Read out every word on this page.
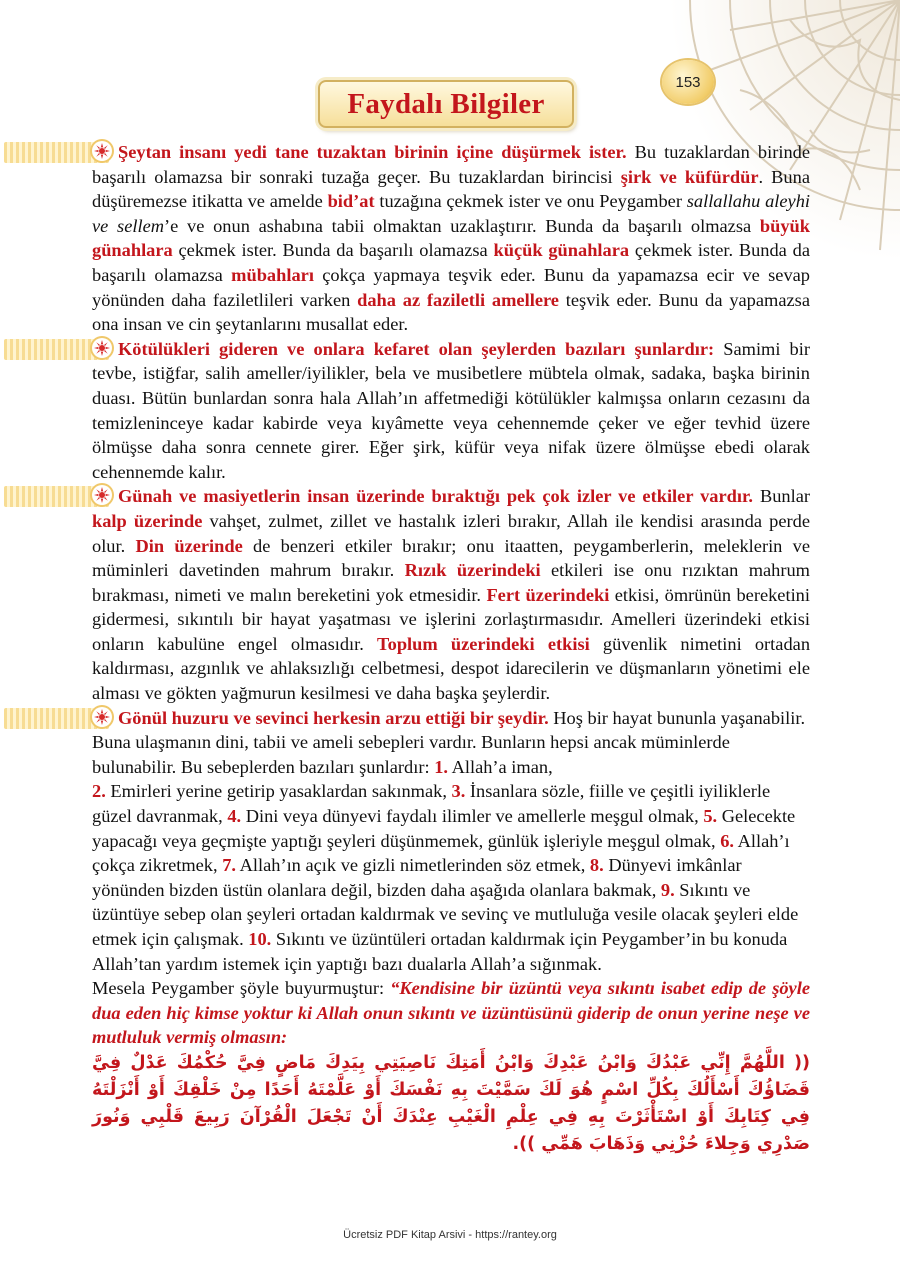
153
Faydalı Bilgiler

Şeytan insanı yedi tane tuzaktan birinin içine düşürmek ister. Bu tuzaklardan birinde başarılı olamazsa bir sonraki tuzağa geçer. Bu tuzaklardan birincisi şirk ve küfürdür. Buna düşüremezse itikatta ve amelde bid’at tuzağına çekmek ister ve onu Peygamber sallallahu aleyhi ve sellem’e ve onun ashabına tabii olmaktan uzaklaştırır. Bunda da başarılı olmazsa büyük günahlara çekmek ister. Bunda da başarılı olamazsa küçük günahlara çekmek ister. Bunda da başarılı olamazsa mübahları çokça yapmaya teşvik eder. Bunu da yapamazsa ecir ve sevap yönünden daha faziletlileri varken daha az faziletli amellere teşvik eder. Bunu da yapamazsa ona insan ve cin şeytanlarını musallat eder.

Kötülükleri gideren ve onlara kefaret olan şeylerden bazıları şunlardır: Samimi bir tevbe, istiğfar, salih ameller/iyilikler, bela ve musibetlere mübtela olmak, sadaka, başka birinin duası. Bütün bunlardan sonra hala Allah’ın affetmediği kötülükler kalmışsa onların cezasını da temizleninceye kadar kabirde veya kıyâmette veya cehennemde çeker ve eğer tevhid üzere ölmüşse daha sonra cennete girer. Eğer şirk, küfür veya nifak üzere ölmüşse ebedi olarak cehennemde kalır.

Günah ve masiyetlerin insan üzerinde bıraktığı pek çok izler ve etkiler vardır. Bunlar kalp üzerinde vahşet, zulmet, zillet ve hastalık izleri bırakır, Allah ile kendisi arasında perde olur. Din üzerinde de benzeri etkiler bırakır; onu itaatten, peygamberlerin, meleklerin ve müminleri davetinden mahrum bırakır. Rızık üzerindeki etkileri ise onu rızıktan mahrum bırakması, nimeti ve malın bereketini yok etmesidir. Fert üzerindeki etkisi, ömrünün bereketini gidermesi, sıkıntılı bir hayat yaşatması ve işlerini zorlaştırmasıdır. Amelleri üzerindeki etkisi onların kabulüne engel olmasıdır. Toplum üzerindeki etkisi güvenlik nimetini ortadan kaldırması, azgınlık ve ahlaksızlığı celbetmesi, despot idarecilerin ve düşmanların yönetimi ele alması ve gökten yağmurun kesilmesi ve daha başka şeylerdir.

Gönül huzuru ve sevinci herkesin arzu ettiği bir şeydir. Hoş bir hayat bununla yaşanabilir. Buna ulaşmanın dini, tabii ve ameli sebepleri vardır. Bunların hepsi ancak müminlerde bulunabilir. Bu sebeplerden bazıları şunlardır: 1. Allah’a iman,
2. Emirleri yerine getirip yasaklardan sakınmak, 3. İnsanlara sözle, fiille ve çeşitli iyiliklerle güzel davranmak, 4. Dini veya dünyevi faydalı ilimler ve amellerle meşgul olmak, 5. Gelecekte yapacağı veya geçmişte yaptığı şeyleri düşünmemek, günlük işleriyle meşgul olmak, 6. Allah’ı çokça zikretmek, 7. Allah’ın açık ve gizli nimetlerinden söz etmek, 8. Dünyevi imkânlar yönünden bizden üstün olanlara değil, bizden daha aşağıda olanlara bakmak, 9. Sıkıntı ve üzüntüye sebep olan şeyleri ortadan kaldırmak ve sevinç ve mutluluğa vesile olacak şeyleri elde etmek için çalışmak. 10. Sıkıntı ve üzüntüleri ortadan kaldırmak için Peygamber’in bu konuda Allah’tan yardım istemek için yaptığı bazı dualarla Allah’a sığınmak.

Mesela Peygamber şöyle buyurmuştur: “Kendisine bir üzüntü veya sıkıntı isabet edip de şöyle dua eden hiç kimse yoktur ki Allah onun sıkıntı ve üzüntüsünü giderip de onun yerine neşe ve mutluluk vermiş olmasın:

(( اللَّهُمَّ إِنِّي عَبْدُكَ وَابْنُ عَبْدِكَ وَابْنُ أَمَتِكَ نَاصِيَتِي بِيَدِكَ مَاضٍ فِيَّ حُكْمُكَ عَدْلٌ فِيَّ قَضَاؤُكَ أَسْأَلُكَ بِكُلِّ اسْمٍ هُوَ لَكَ سَمَّيْتَ بِهِ نَفْسَكَ أَوْ عَلَّمْتَهُ أَحَدًا مِنْ خَلْقِكَ أَوْ أَنْزَلْتَهُ فِي كِتَابِكَ أَوْ اسْتَأْثَرْتَ بِهِ فِي عِلْمِ الْغَيْبِ عِنْدَكَ أَنْ تَجْعَلَ الْقُرْآنَ رَبِيعَ قَلْبِي وَنُورَ صَدْرِي وَجِلاءَ حُزْنِي وَذَهَابَ هَمِّي )).

Ücretsiz PDF Kitap Arsivi - https://rantey.org
